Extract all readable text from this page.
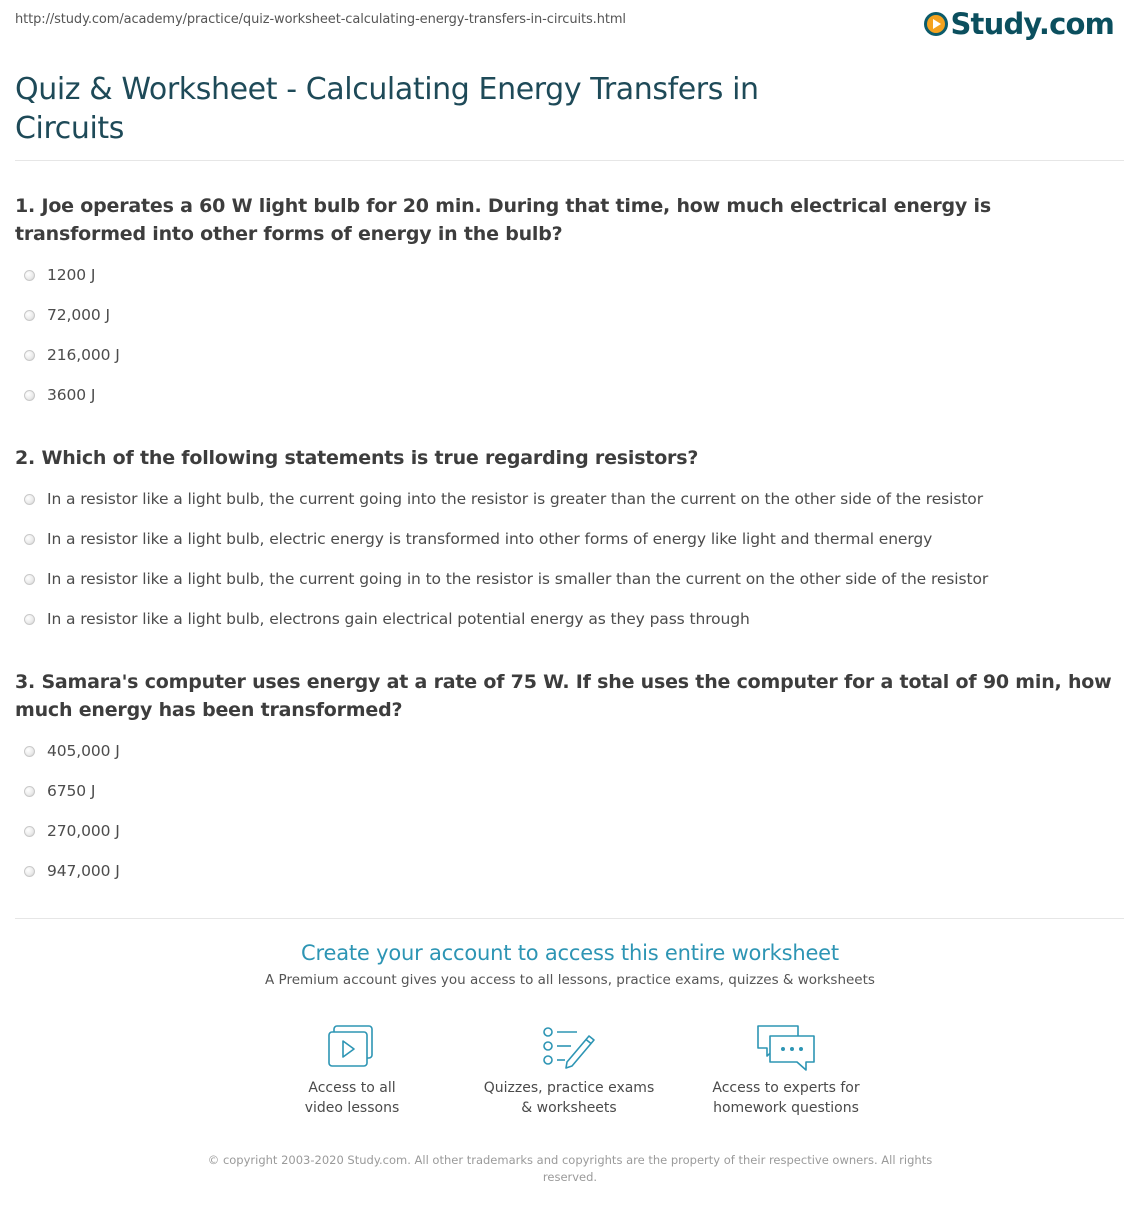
http://study.com/academy/practice/quiz-worksheet-calculating-energy-transfers-in-circuits.html	Study.com
Quiz & Worksheet - Calculating Energy Transfers in Circuits
1. Joe operates a 60 W light bulb for 20 min. During that time, how much electrical energy is transformed into other forms of energy in the bulb?
1200 J
72,000 J
216,000 J
3600 J
2. Which of the following statements is true regarding resistors?
In a resistor like a light bulb, the current going into the resistor is greater than the current on the other side of the resistor
In a resistor like a light bulb, electric energy is transformed into other forms of energy like light and thermal energy
In a resistor like a light bulb, the current going in to the resistor is smaller than the current on the other side of the resistor
In a resistor like a light bulb, electrons gain electrical potential energy as they pass through
3. Samara's computer uses energy at a rate of 75 W. If she uses the computer for a total of 90 min, how much energy has been transformed?
405,000 J
6750 J
270,000 J
947,000 J
Create your account to access this entire worksheet
A Premium account gives you access to all lessons, practice exams, quizzes & worksheets
Access to all
video lessons
Quizzes, practice exams
& worksheets
Access to experts for
homework questions
© copyright 2003-2020 Study.com. All other trademarks and copyrights are the property of their respective owners. All rights reserved.
